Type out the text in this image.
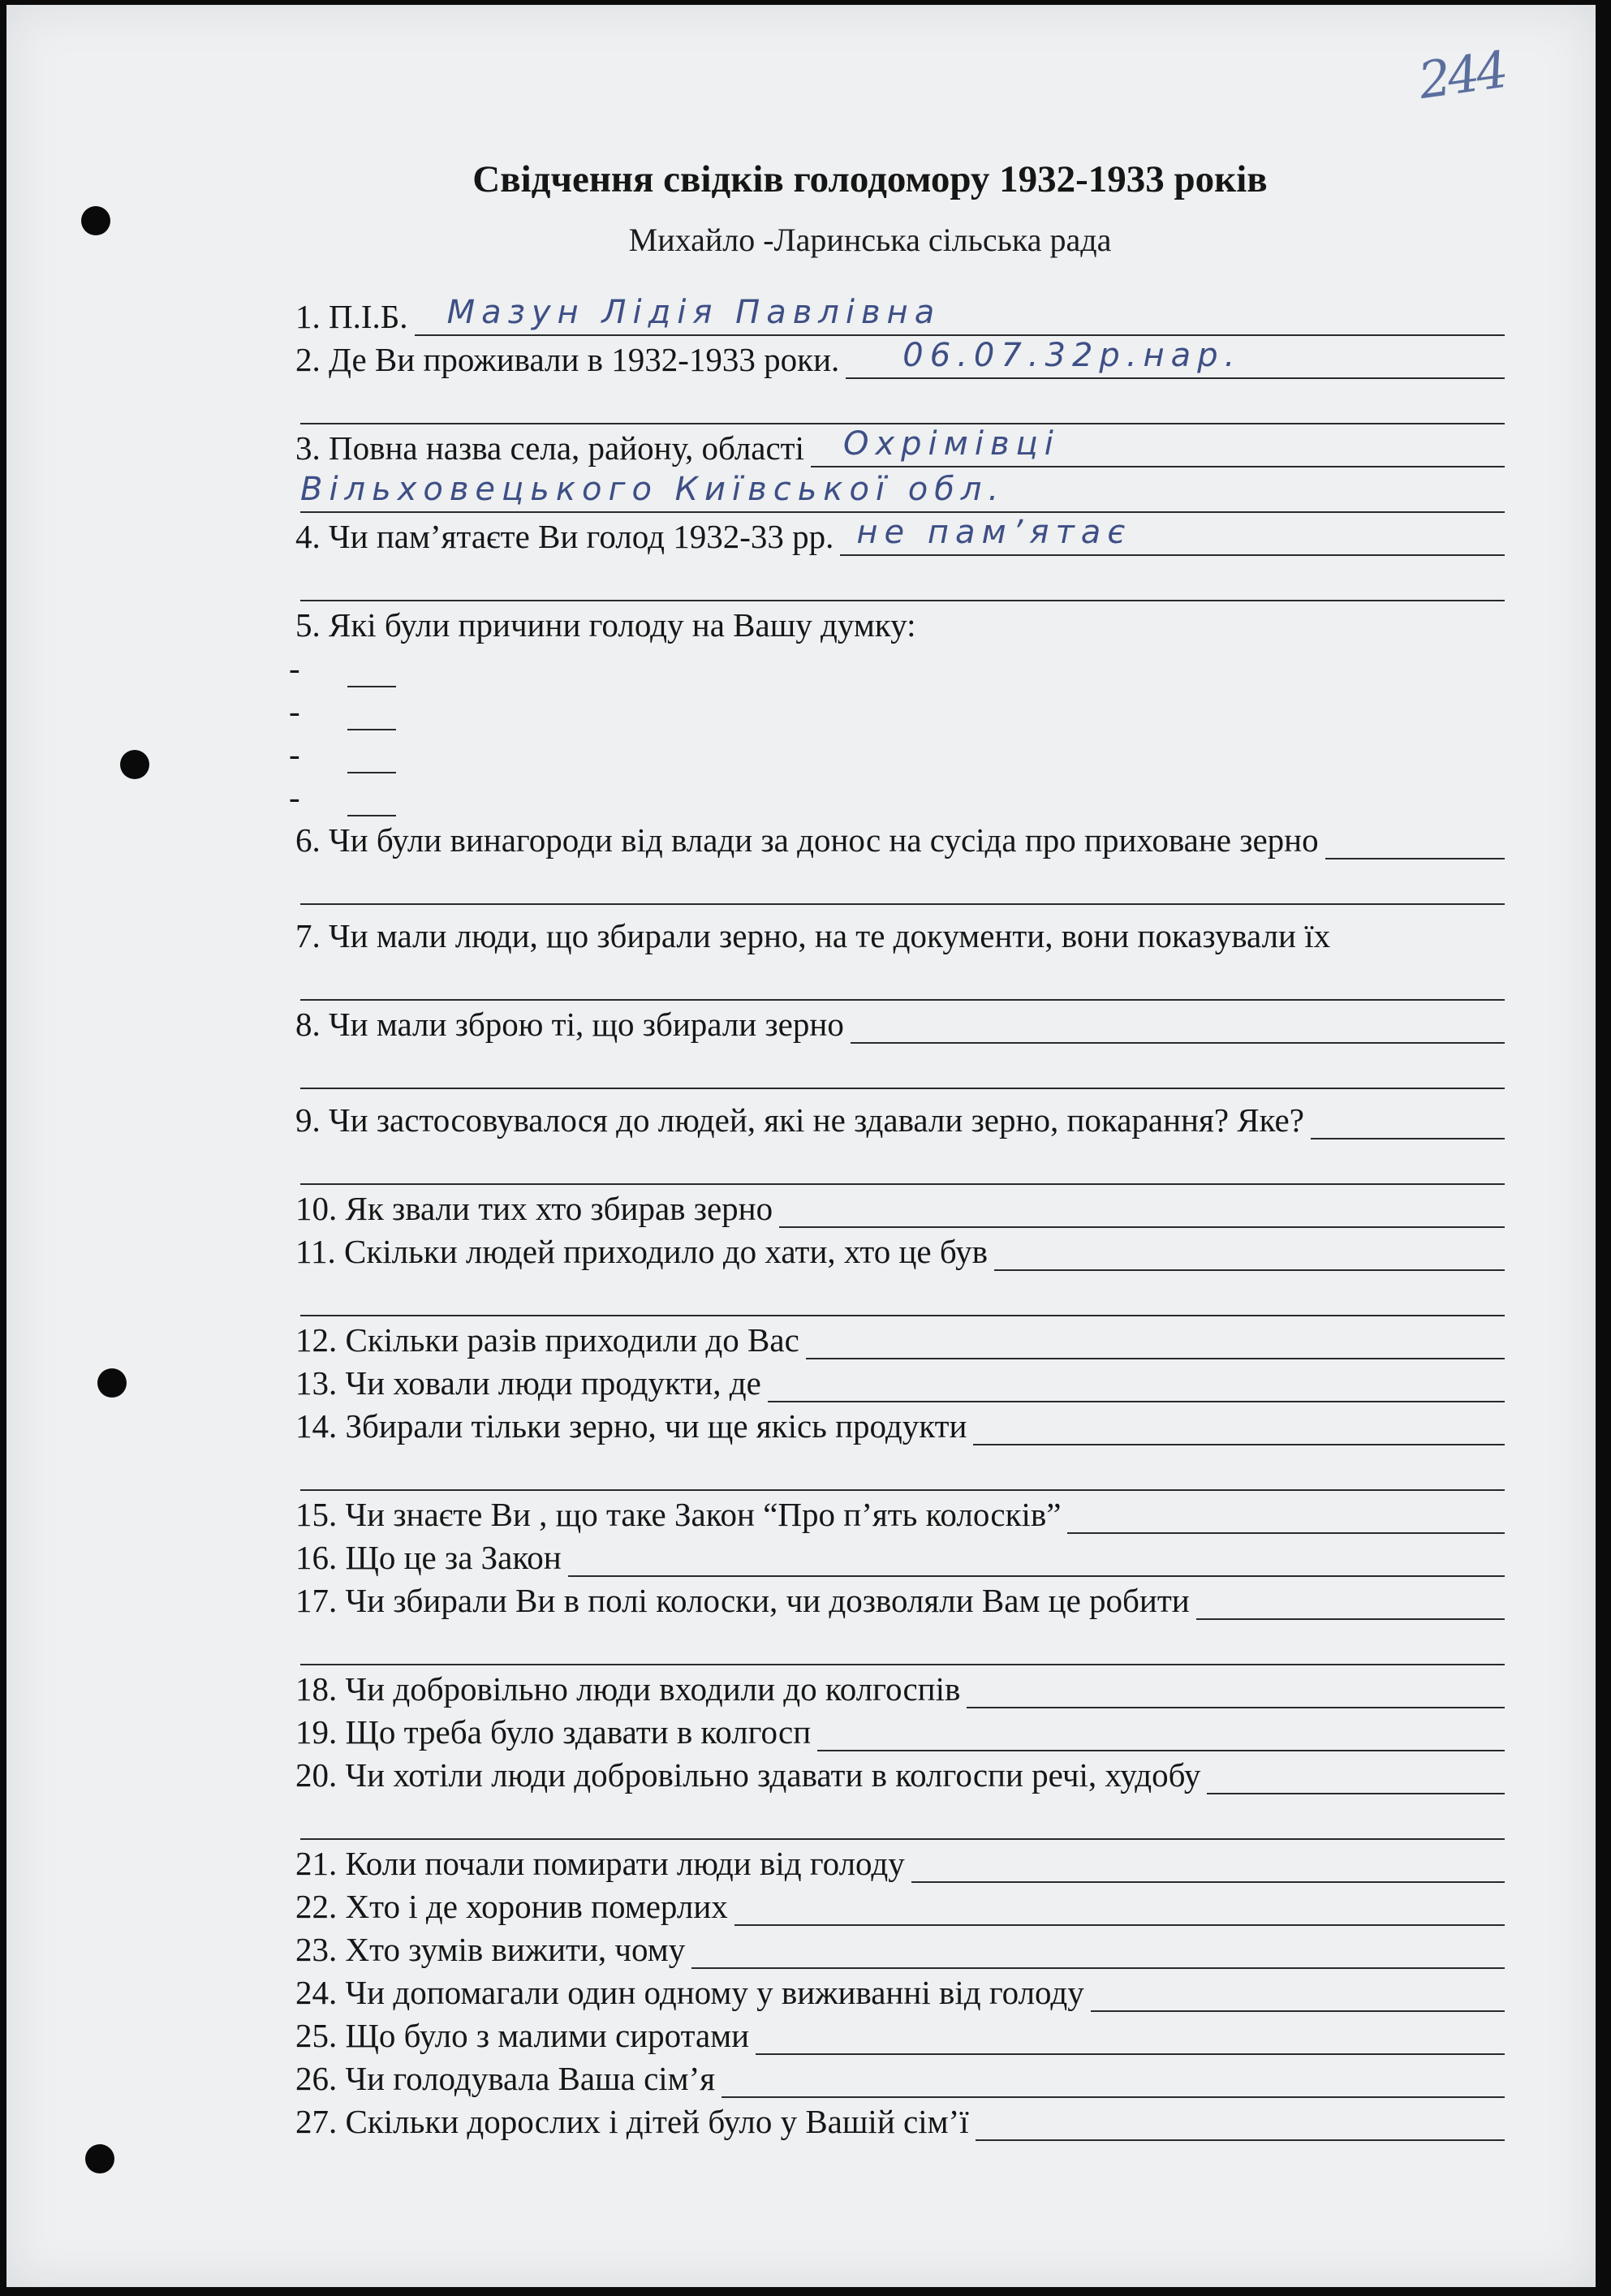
244
Свідчення свідків голодомору 1932-1933 років
Михайло -Ларинська сільська рада
1. П.І.Б. Мазун Лідія Павлівна
2. Де Ви проживали в 1932-1933 роки. 06.07.32р.нар.
3. Повна назва села, району, області Охрімівці
Вільховецького Київської обл.
4. Чи пам’ятаєте Ви голод 1932-33 рр. не пам’ятає
5. Які були причини голоду на Вашу думку:
-
-
-
-
6. Чи були винагороди від влади за донос на сусіда про приховане зерно
7. Чи мали люди, що збирали зерно, на те документи, вони показували їх
8. Чи мали зброю ті, що збирали зерно
9. Чи застосовувалося до людей, які не здавали зерно, покарання? Яке?
10. Як звали тих хто збирав зерно
11. Скільки людей приходило до хати, хто це був
12. Скільки разів приходили до Вас
13. Чи ховали люди продукти, де
14. Збирали тільки зерно, чи ще якісь продукти
15. Чи знаєте Ви , що таке Закон “Про п’ять колосків”
16. Що це за Закон
17. Чи збирали Ви в полі колоски, чи дозволяли Вам це робити
18. Чи добровільно люди входили до колгоспів
19. Що треба було здавати в колгосп
20. Чи хотіли люди добровільно здавати в колгоспи речі, худобу
21. Коли почали помирати люди від голоду
22. Хто і де хоронив померлих
23. Хто зумів вижити, чому
24. Чи допомагали один одному у виживанні від голоду
25. Що було з малими сиротами
26. Чи голодувала Ваша сім’я
27. Скільки дорослих і дітей було у Вашій сім’ї
